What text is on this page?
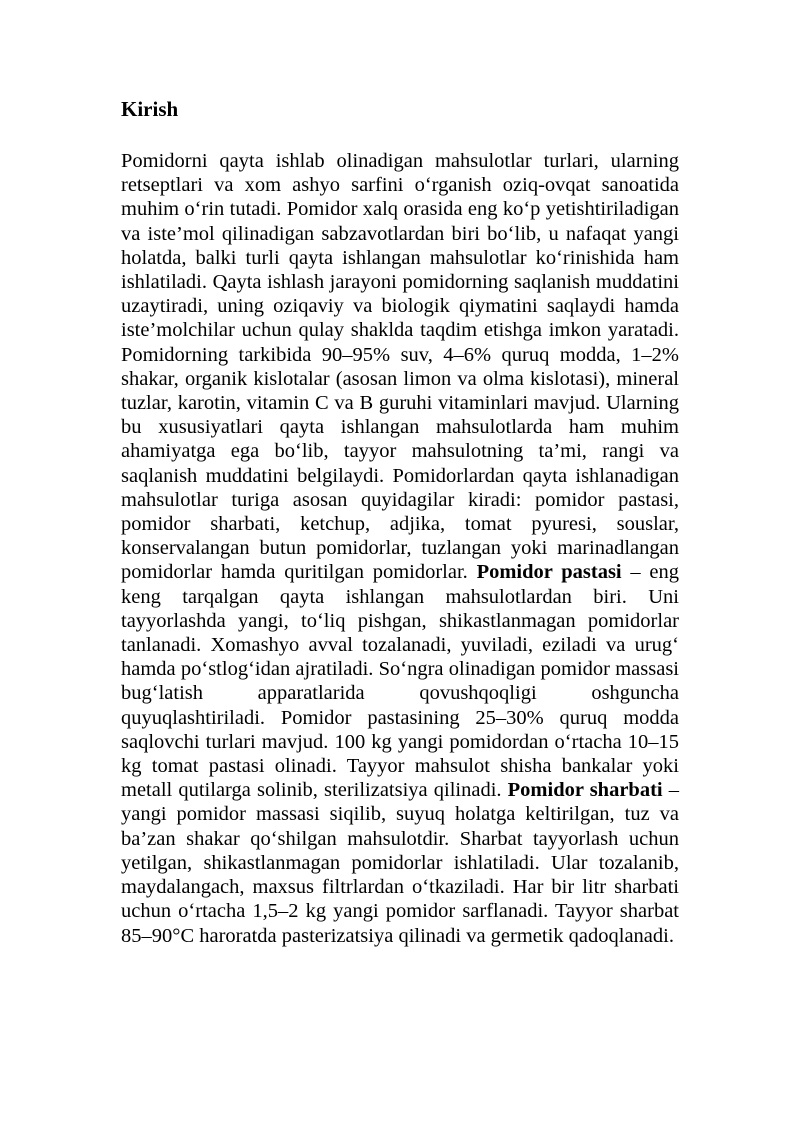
Kirish

Pomidorni qayta ishlab olinadigan mahsulotlar turlari, ularning retseptlari va xom ashyo sarfini o‘rganish oziq-ovqat sanoatida muhim o‘rin tutadi. Pomidor xalq orasida eng ko‘p yetishtiriladigan va iste’mol qilinadigan sabzavotlardan biri bo‘lib, u nafaqat yangi holatda, balki turli qayta ishlangan mahsulotlar ko‘rinishida ham ishlatiladi. Qayta ishlash jarayoni pomidorning saqlanish muddatini uzaytiradi, uning oziqaviy va biologik qiymatini saqlaydi hamda iste’molchilar uchun qulay shaklda taqdim etishga imkon yaratadi. Pomidorning tarkibida 90–95% suv, 4–6% quruq modda, 1–2% shakar, organik kislotalar (asosan limon va olma kislotasi), mineral tuzlar, karotin, vitamin C va B guruhi vitaminlari mavjud. Ularning bu xususiyatlari qayta ishlangan mahsulotlarda ham muhim ahamiyatga ega bo‘lib, tayyor mahsulotning ta’mi, rangi va saqlanish muddatini belgilaydi. Pomidorlardan qayta ishlanadigan mahsulotlar turiga asosan quyidagilar kiradi: pomidor pastasi, pomidor sharbati, ketchup, adjika, tomat pyuresi, souslar, konservalangan butun pomidorlar, tuzlangan yoki marinadlangan pomidorlar hamda quritilgan pomidorlar. Pomidor pastasi – eng keng tarqalgan qayta ishlangan mahsulotlardan biri. Uni tayyorlashda yangi, to‘liq pishgan, shikastlanmagan pomidorlar tanlanadi. Xomashyo avval tozalanadi, yuviladi, eziladi va urug‘ hamda po‘stlog‘idan ajratiladi. So‘ngra olinadigan pomidor massasi bug‘latish apparatlarida qovushqoqligi oshguncha quyuqlashtiriladi. Pomidor pastasining 25–30% quruq modda saqlovchi turlari mavjud. 100 kg yangi pomidordan o‘rtacha 10–15 kg tomat pastasi olinadi. Tayyor mahsulot shisha bankalar yoki metall qutilarga solinib, sterilizatsiya qilinadi. Pomidor sharbati – yangi pomidor massasi siqilib, suyuq holatga keltirilgan, tuz va ba’zan shakar qo‘shilgan mahsulotdir. Sharbat tayyorlash uchun yetilgan, shikastlanmagan pomidorlar ishlatiladi. Ular tozalanib, maydalangach, maxsus filtrlardan o‘tkaziladi. Har bir litr sharbati uchun o‘rtacha 1,5–2 kg yangi pomidor sarflanadi. Tayyor sharbat 85–90°C haroratda pasterizatsiya qilinadi va germetik qadoqlanadi.
